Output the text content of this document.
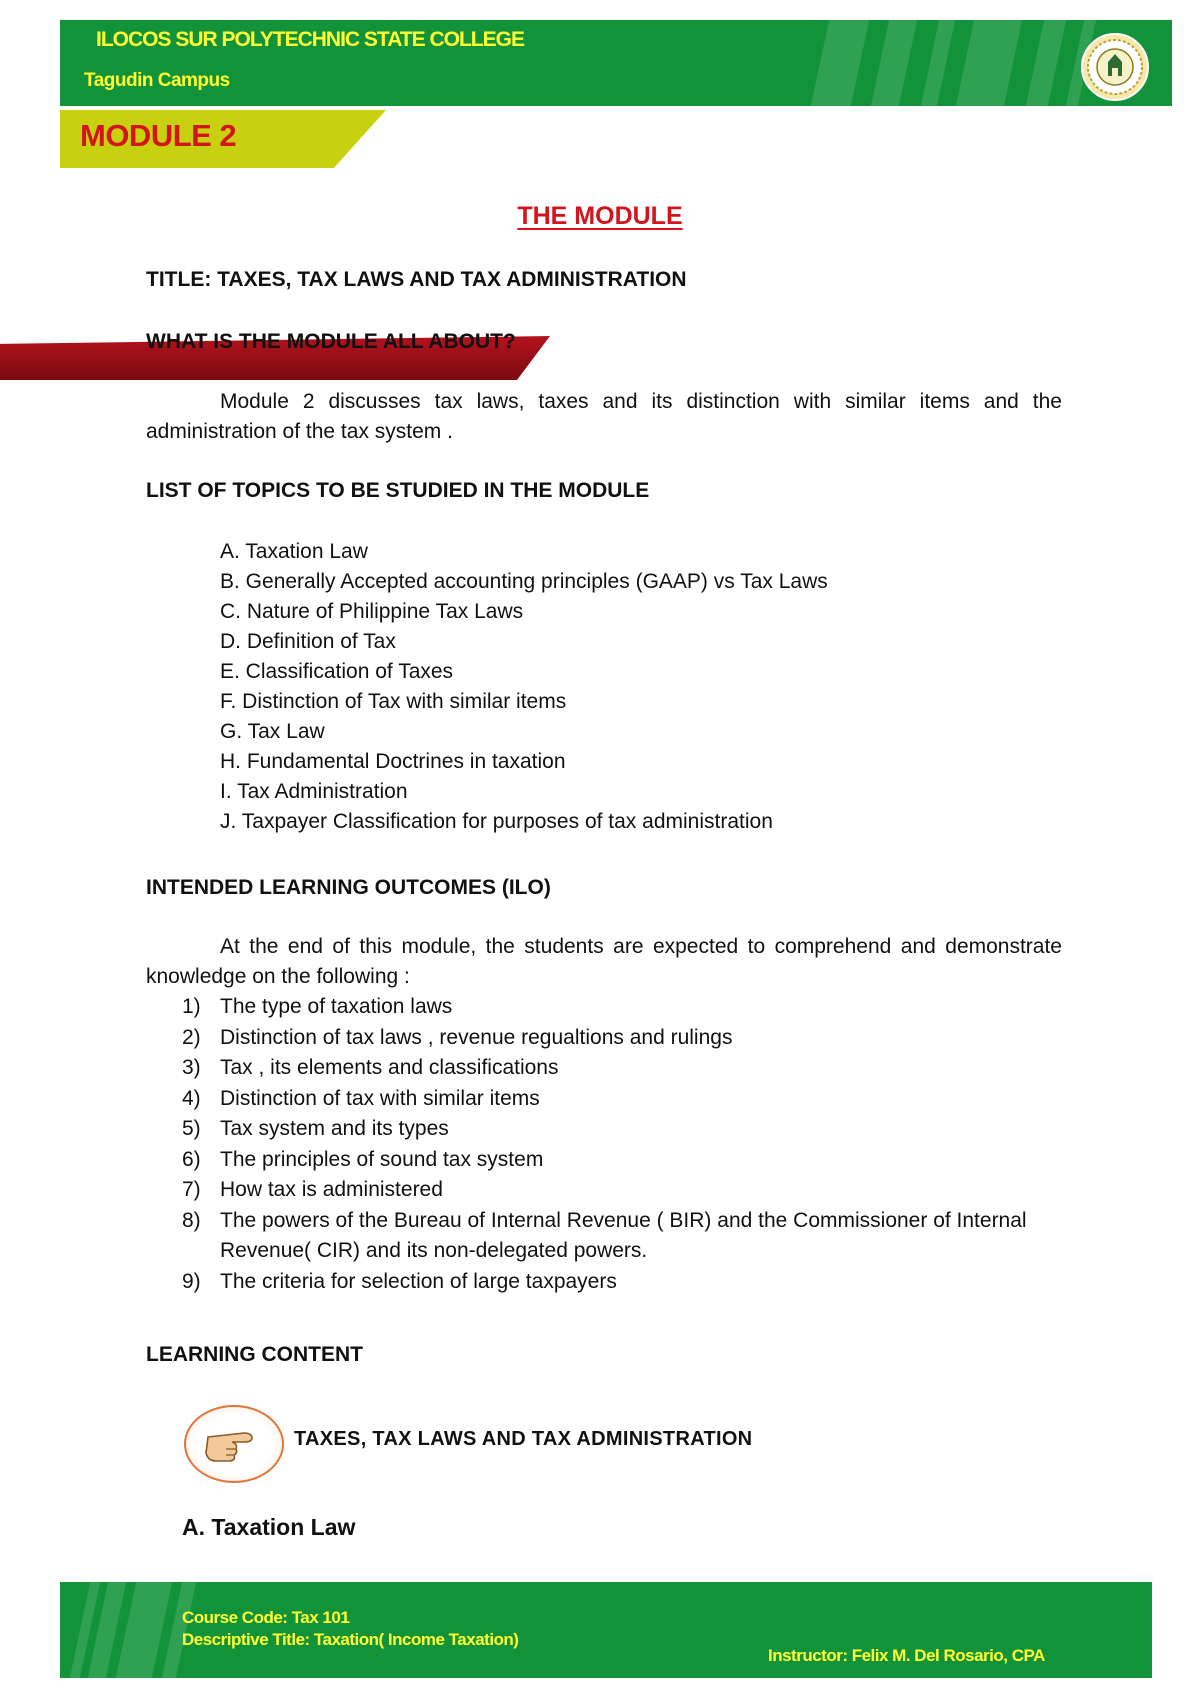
ILOCOS SUR POLYTECHNIC STATE COLLEGE
Tagudin Campus
MODULE 2
THE MODULE
TITLE: TAXES, TAX LAWS AND TAX ADMINISTRATION
WHAT IS THE MODULE ALL ABOUT?
Module 2 discusses tax laws, taxes and its distinction with similar items and the administration of the tax system .
LIST OF TOPICS TO BE STUDIED IN THE MODULE
A. Taxation Law
B. Generally Accepted accounting principles (GAAP) vs Tax Laws
C. Nature of Philippine Tax Laws
D. Definition of Tax
E. Classification of Taxes
F. Distinction of Tax with similar items
G. Tax Law
H. Fundamental Doctrines in taxation
I. Tax Administration
J. Taxpayer Classification for purposes of tax administration
INTENDED LEARNING OUTCOMES (ILO)
At the end of this module, the students are expected to comprehend and demonstrate knowledge on the following :
1) The type of taxation laws
2) Distinction of tax laws , revenue regualtions and rulings
3) Tax , its elements and classifications
4) Distinction of tax with similar items
5) Tax system and its types
6) The principles of sound tax system
7) How tax is administered
8) The powers of the Bureau of Internal Revenue ( BIR) and the Commissioner of Internal Revenue( CIR) and its non-delegated powers.
9) The criteria for selection of large taxpayers
LEARNING CONTENT
TAXES, TAX LAWS AND TAX ADMINISTRATION
A. Taxation Law
Course Code: Tax 101
Descriptive Title: Taxation( Income Taxation)
Instructor: Felix M. Del Rosario, CPA
